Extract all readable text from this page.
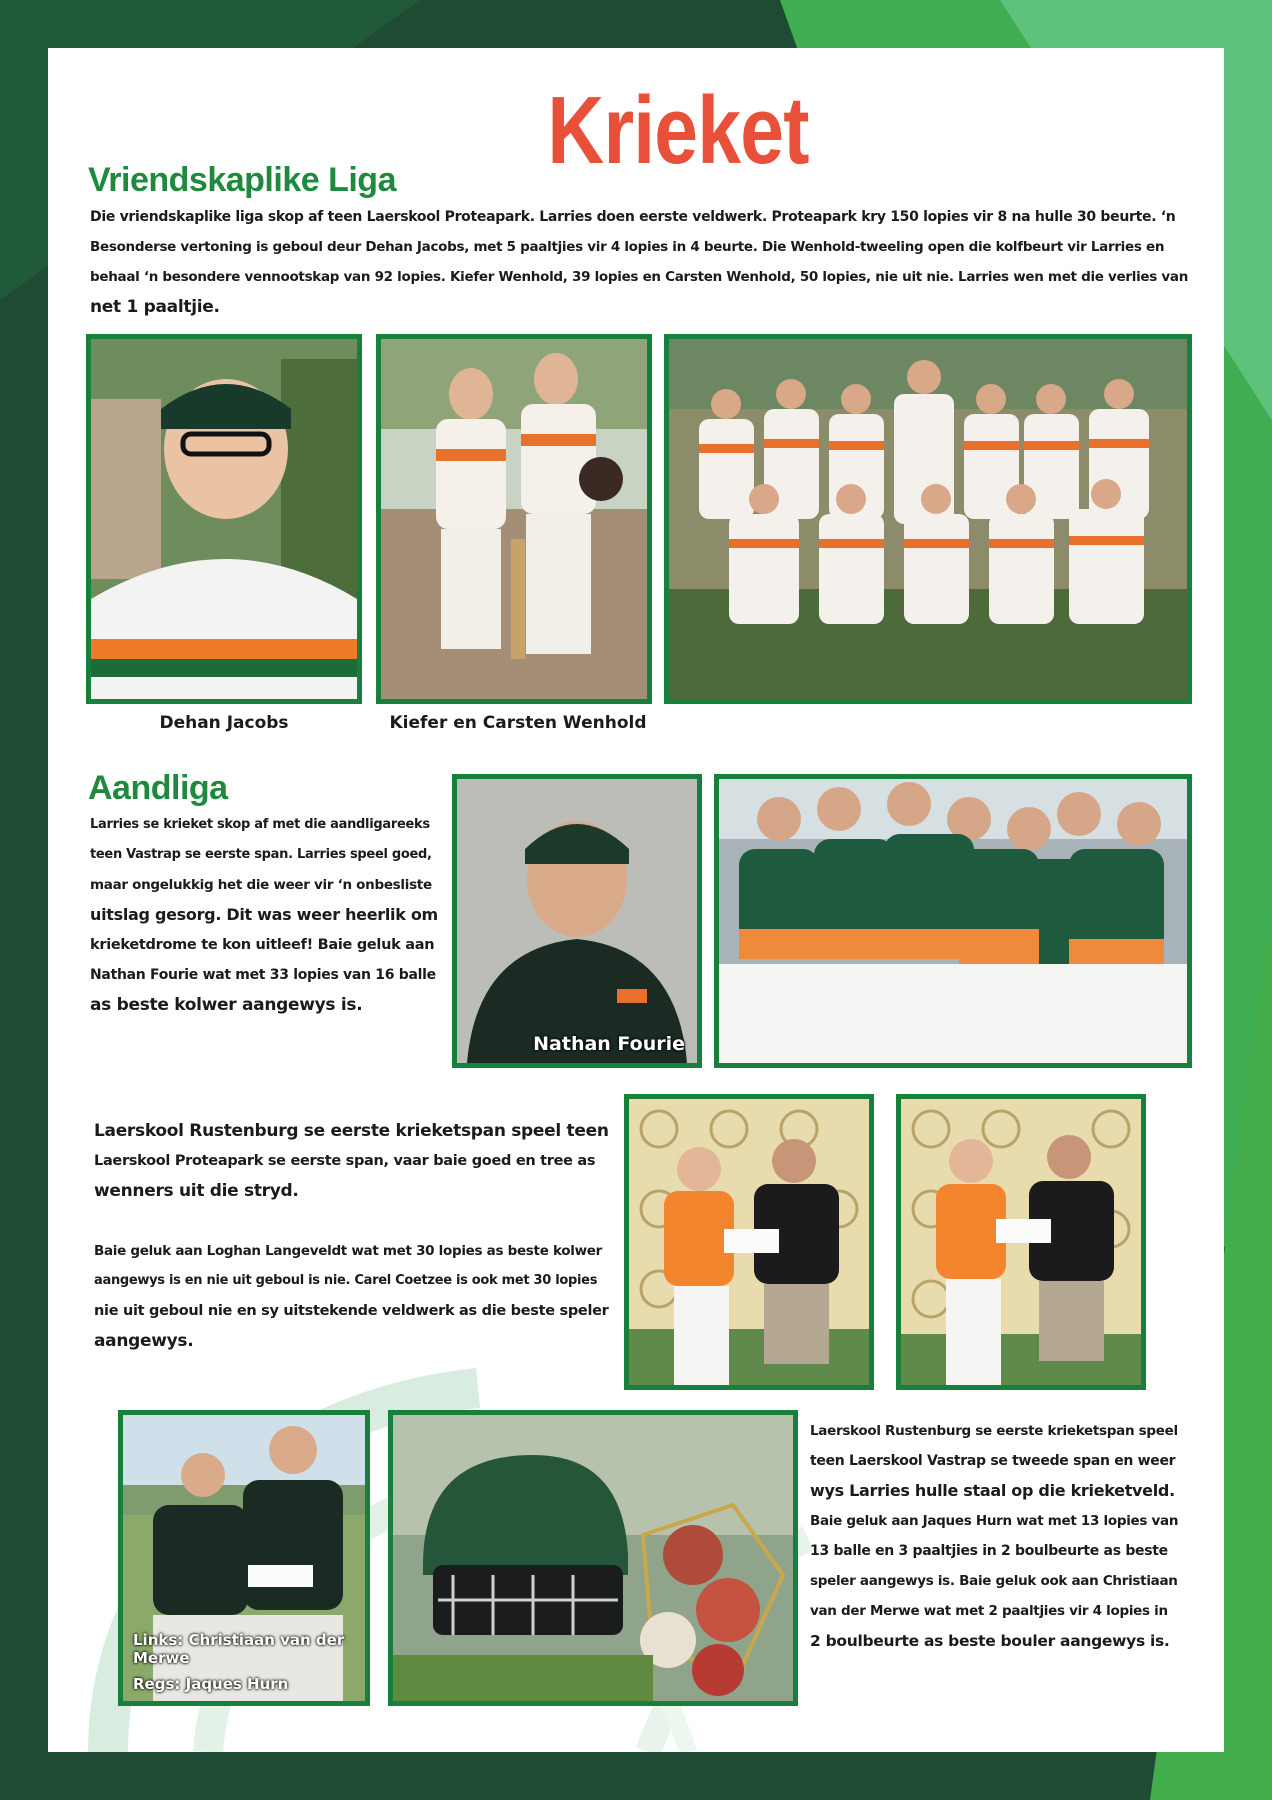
Krieket
Vriendskaplike Liga

Die vriendskaplike liga skop af teen Laerskool Proteapark. Larries doen eerste veldwerk. Proteapark kry 150 lopies vir 8 na hulle 30 beurte. ‘n

Besonderse vertoning is geboul deur Dehan Jacobs, met 5 paaltjies vir 4 lopies in 4 beurte. Die Wenhold-tweeling open die kolfbeurt vir Larries en

behaal ‘n besondere vennootskap van 92 lopies. Kiefer Wenhold, 39 lopies en Carsten Wenhold, 50 lopies, nie uit nie. Larries wen met die verlies van

net 1 paaltjie.

Dehan Jacobs	Kiefer en Carsten Wenhold
Aandliga

Larries se krieket skop af met die aandligareeks

teen Vastrap se eerste span. Larries speel goed,

maar ongelukkig het die weer vir ‘n onbesliste

uitslag gesorg. Dit was weer heerlik om

krieketdrome te kon uitleef! Baie geluk aan

Nathan Fourie wat met 33 lopies van 16 balle

as beste kolwer aangewys is.

Nathan Fourie

Laerskool Rustenburg se eerste krieketspan speel teen

Laerskool Proteapark se eerste span, vaar baie goed en tree as

wenners uit die stryd.

Baie geluk aan Loghan Langeveldt wat met 30 lopies as beste kolwer

aangewys is en nie uit geboul is nie. Carel Coetzee is ook met 30 lopies

nie uit geboul nie en sy uitstekende veldwerk as die beste speler

aangewys.

Links: Christiaan van der Merwe
Regs: Jaques Hurn

Laerskool Rustenburg se eerste krieketspan speel

teen Laerskool Vastrap se tweede span en weer

wys Larries hulle staal op die krieketveld.

Baie geluk aan Jaques Hurn wat met 13 lopies van

13 balle en 3 paaltjies in 2 boulbeurte as beste

speler aangewys is. Baie geluk ook aan Christiaan

van der Merwe wat met 2 paaltjies vir 4 lopies in

2 boulbeurte as beste bouler aangewys is.
